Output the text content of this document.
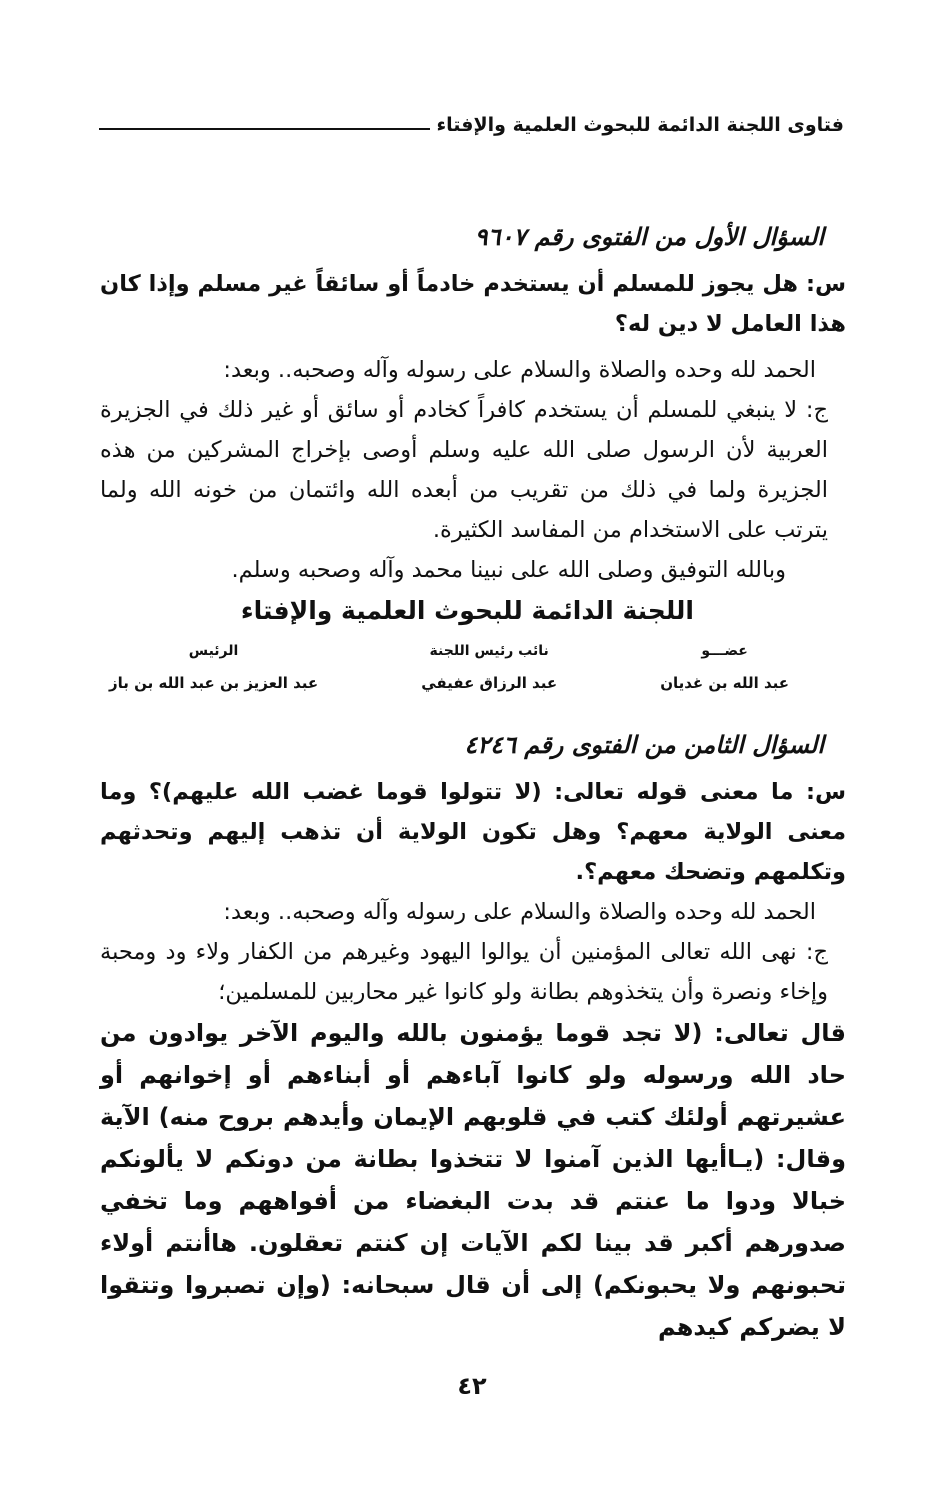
فتاوى اللجنة الدائمة للبحوث العلمية والإفتاء
السؤال الأول من الفتوى رقم ٩٦٠٧

س: هل يجوز للمسلم أن يستخدم خادماً أو سائقاً غير مسلم وإذا كان هذا العامل لا دين له؟

الحمد لله وحده والصلاة والسلام على رسوله وآله وصحبه.. وبعد:

ج: لا ينبغي للمسلم أن يستخدم كافراً كخادم أو سائق أو غير ذلك في الجزيرة العربية لأن الرسول صلى الله عليه وسلم أوصى بإخراج المشركين من هذه الجزيرة ولما في ذلك من تقريب من أبعده الله وائتمان من خونه الله ولما يترتب على الاستخدام من المفاسد الكثيرة.

وبالله التوفيق وصلى الله على نبينا محمد وآله وصحبه وسلم.

اللجنة الدائمة للبحوث العلمية والإفتاء
عضـــو
عبد الله بن غديان
نائب رئيس اللجنة
عبد الرزاق عفيفي
الرئيس
عبد العزيز بن عبد الله بن باز
السؤال الثامن من الفتوى رقم ٤٢٤٦

س: ما معنى قوله تعالى: (لا تتولوا قوما غضب الله عليهم)؟ وما معنى الولاية معهم؟ وهل تكون الولاية أن تذهب إليهم وتحدثهم وتكلمهم وتضحك معهم؟.

الحمد لله وحده والصلاة والسلام على رسوله وآله وصحبه.. وبعد:

ج: نهى الله تعالى المؤمنين أن يوالوا اليهود وغيرهم من الكفار ولاء ود ومحبة وإخاء ونصرة وأن يتخذوهم بطانة ولو كانوا غير محاربين للمسلمين؛

قال تعالى: (لا تجد قوما يؤمنون بالله واليوم الآخر يوادون من حاد الله ورسوله ولو كانوا آباءهم أو أبناءهم أو إخوانهم أو عشيرتهم أولئك كتب في قلوبهم الإيمان وأيدهم بروح منه) الآية وقال: (يـاأيها الذين آمنوا لا تتخذوا بطانة من دونكم لا يألونكم خبالا ودوا ما عنتم قد بدت البغضاء من أفواههم وما تخفي صدورهم أكبر قد بينا لكم الآيات إن كنتم تعقلون. هاأنتم أولاء تحبونهم ولا يحبونكم) إلى أن قال سبحانه: (وإن تصبروا وتتقوا لا يضركم كيدهم

٤٢
